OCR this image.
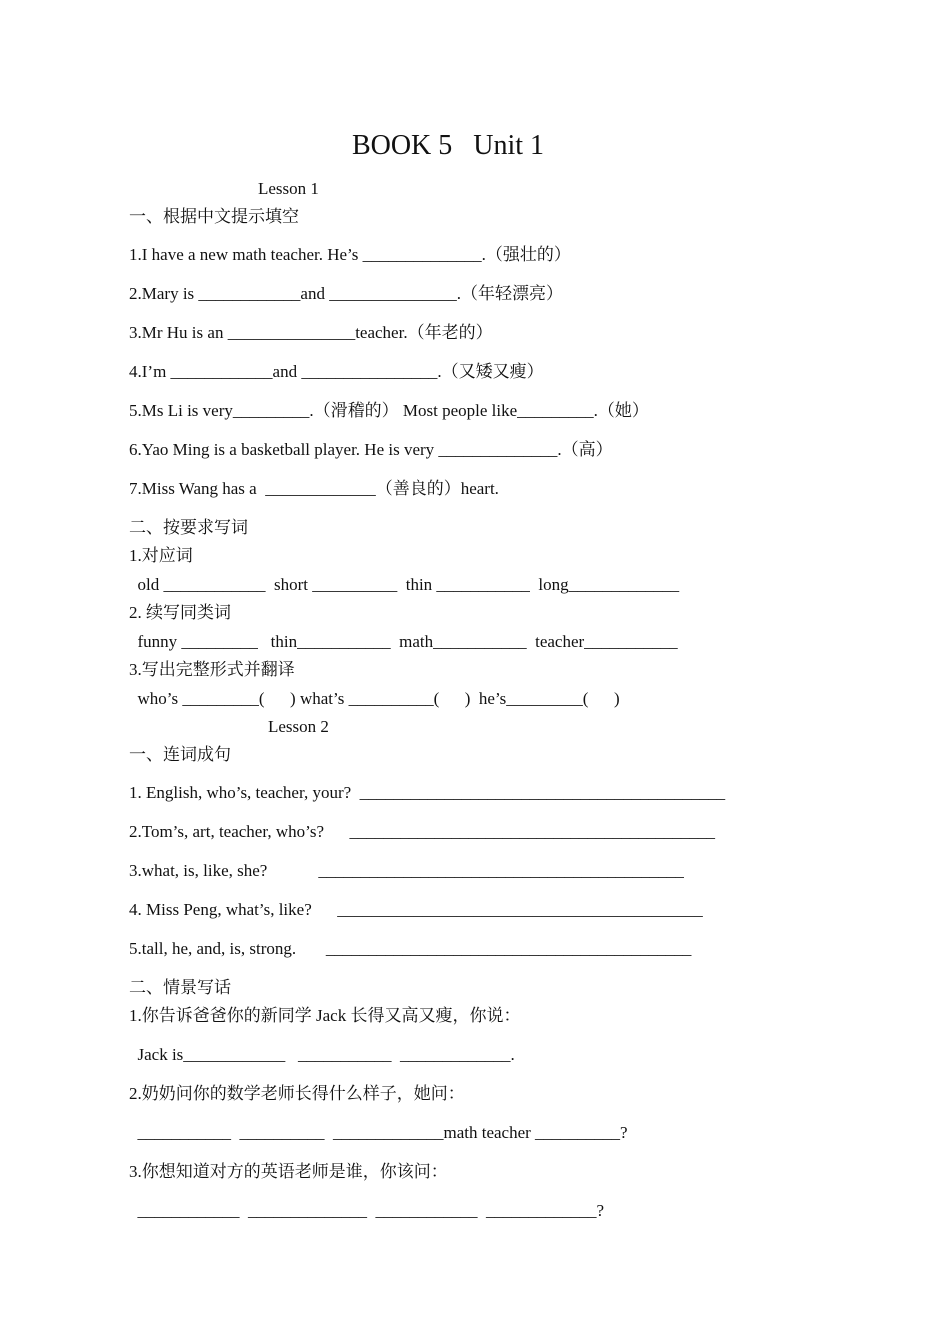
BOOK 5   Unit 1
Lesson 1
一、根据中文提示填空
1.I have a new math teacher. He’s ______________.（强壮的）
2.Mary is ____________and _______________.（年轻漂亮）
3.Mr Hu is an _______________teacher.（年老的）
4.I’m ____________and ________________.（又矮又瘦）
5.Ms Li is very_________.（滑稽的） Most people like_________.（她）
6.Yao Ming is a basketball player. He is very ______________.（高）
7.Miss Wang has a  _____________（善良的）heart.
二、按要求写词
1.对应词
old ____________  short __________  thin ___________  long_____________
2. 续写同类词
funny _________   thin___________  math___________  teacher___________
3.写出完整形式并翻译
who’s _________(      ) what’s __________(      )  he’s_________(      )
Lesson 2
一、连词成句
1. English, who’s, teacher, your?  ___________________________________________
2.Tom’s, art, teacher, who’s?      ___________________________________________
3.what, is, like, she?            ___________________________________________
4. Miss Peng, what’s, like?      ___________________________________________
5.tall, he, and, is, strong.       ___________________________________________
二、情景写话
1.你告诉爸爸你的新同学 Jack 长得又高又瘦，你说：
Jack is____________   ___________  _____________.
2.奶奶问你的数学老师长得什么样子，她问：
___________  __________  _____________math teacher __________?
3.你想知道对方的英语老师是谁，你该问：
____________  ______________  ____________  _____________?
